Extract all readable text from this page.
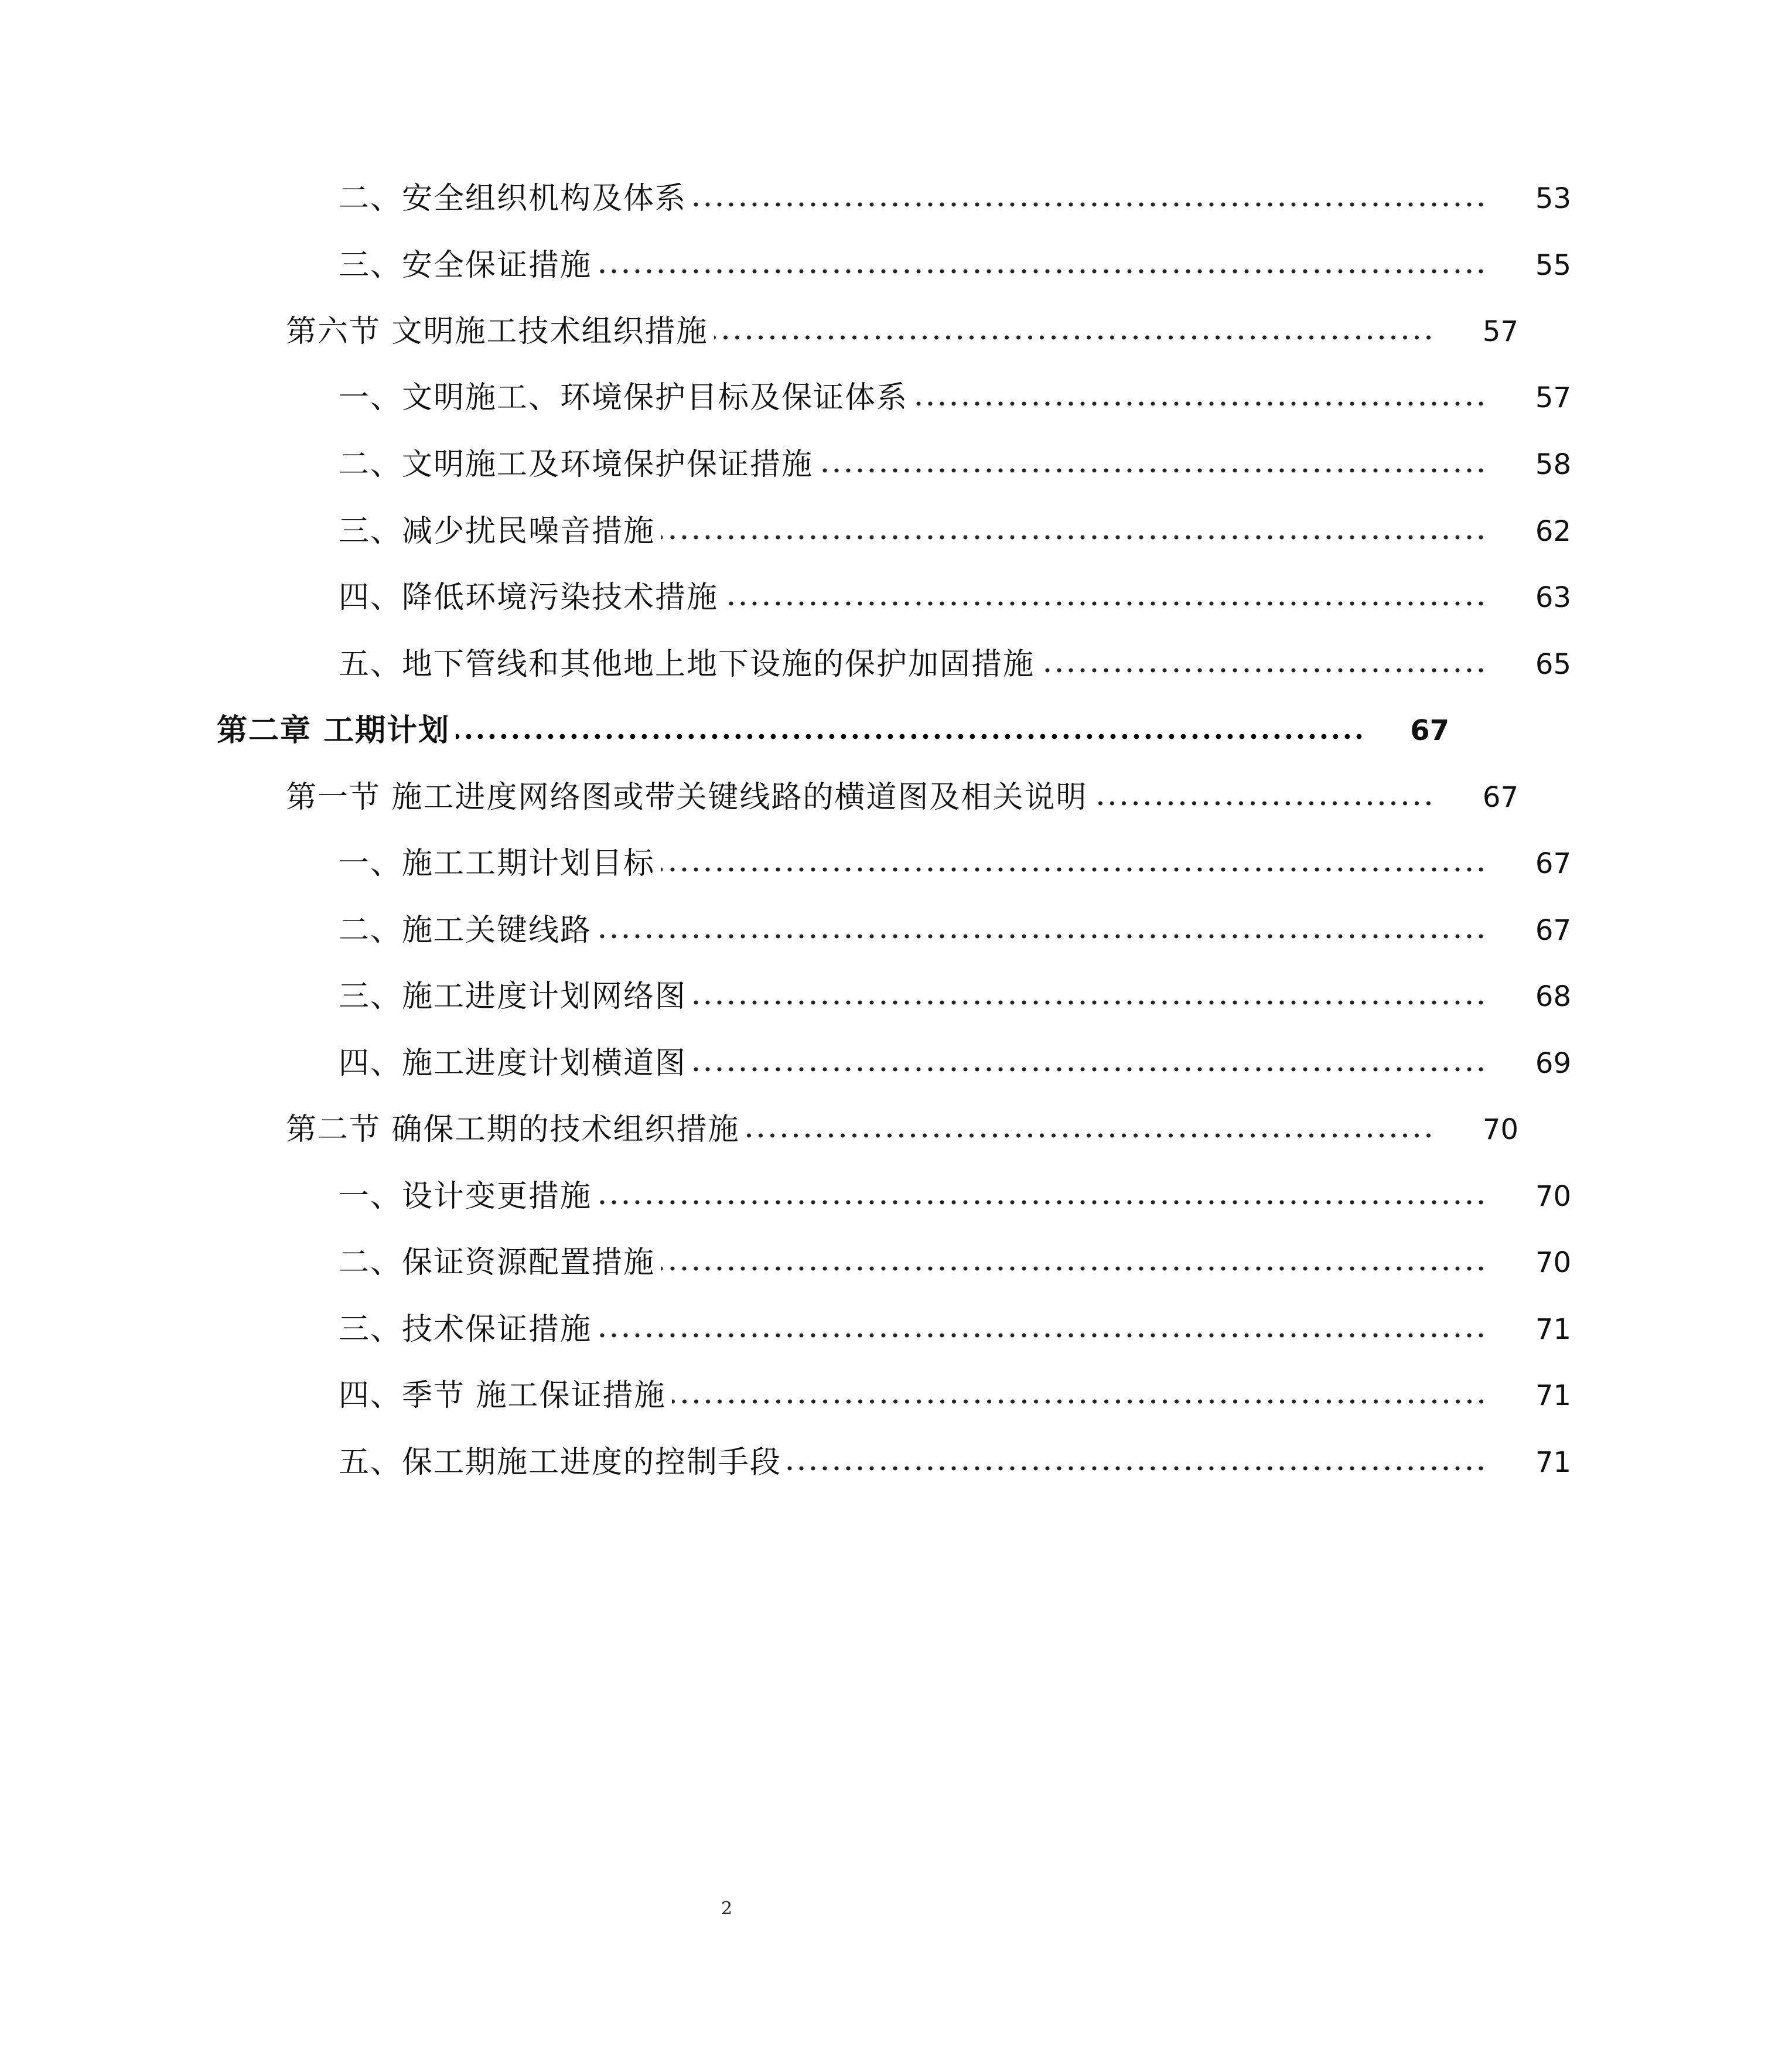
二、安全组织机构及体系	53
三、安全保证措施	55
第六节 文明施工技术组织措施	57
一、文明施工、环境保护目标及保证体系	57
二、文明施工及环境保护保证措施	58
三、减少扰民噪音措施	62
四、降低环境污染技术措施	63
五、地下管线和其他地上地下设施的保护加固措施	65
第二章 工期计划	67
第一节 施工进度网络图或带关键线路的横道图及相关说明	67
一、施工工期计划目标	67
二、施工关键线路	67
三、施工进度计划网络图	68
四、施工进度计划横道图	69
第二节 确保工期的技术组织措施	70
一、设计变更措施	70
二、保证资源配置措施	70
三、技术保证措施	71
四、季节 施工保证措施	71
五、保工期施工进度的控制手段	71
2
